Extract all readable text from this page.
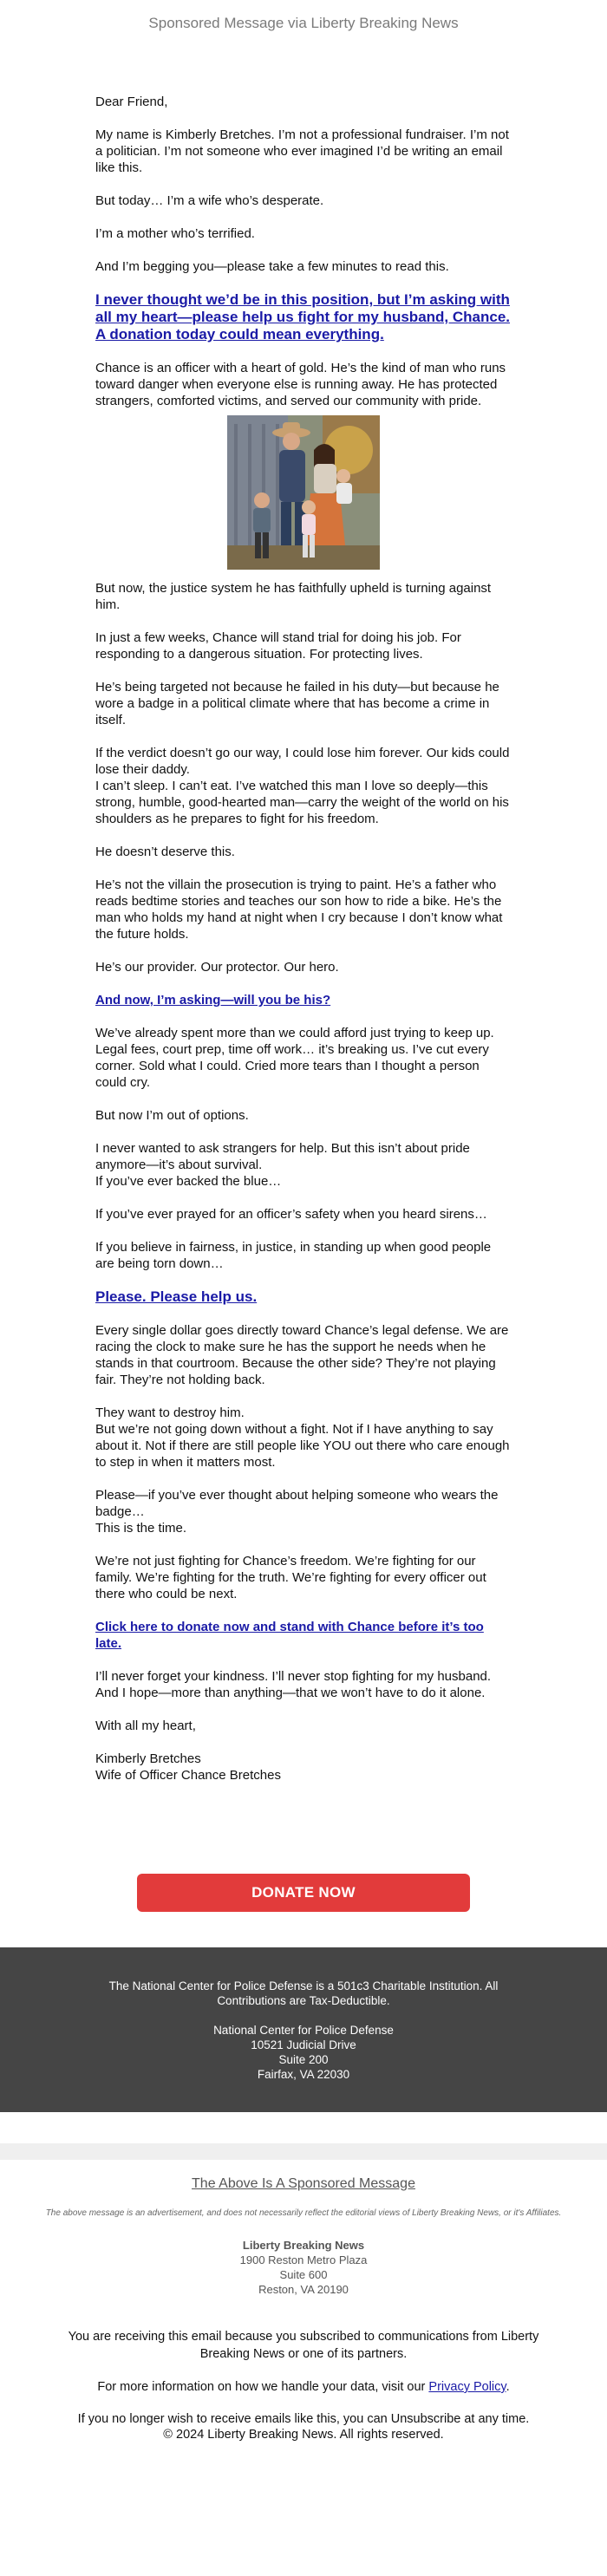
Sponsored Message via Liberty Breaking News

Dear Friend,

My name is Kimberly Bretches. I’m not a professional fundraiser. I’m not a politician. I’m not someone who ever imagined I’d be writing an email like this.

But today… I’m a wife who’s desperate.

I’m a mother who’s terrified.

And I’m begging you—please take a few minutes to read this.

I never thought we’d be in this position, but I’m asking with all my heart—please help us fight for my husband, Chance. A donation today could mean everything.

Chance is an officer with a heart of gold. He’s the kind of man who runs toward danger when everyone else is running away. He has protected strangers, comforted victims, and served our community with pride.

But now, the justice system he has faithfully upheld is turning against him.

In just a few weeks, Chance will stand trial for doing his job. For responding to a dangerous situation. For protecting lives.

He’s being targeted not because he failed in his duty—but because he wore a badge in a political climate where that has become a crime in itself.

If the verdict doesn’t go our way, I could lose him forever. Our kids could lose their daddy.
I can’t sleep. I can’t eat. I’ve watched this man I love so deeply—this strong, humble, good-hearted man—carry the weight of the world on his shoulders as he prepares to fight for his freedom.

He doesn’t deserve this.

He’s not the villain the prosecution is trying to paint. He’s a father who reads bedtime stories and teaches our son how to ride a bike. He’s the man who holds my hand at night when I cry because I don’t know what the future holds.

He’s our provider. Our protector. Our hero.

And now, I’m asking—will you be his?

We’ve already spent more than we could afford just trying to keep up. Legal fees, court prep, time off work… it’s breaking us. I’ve cut every corner. Sold what I could. Cried more tears than I thought a person could cry.

But now I’m out of options.

I never wanted to ask strangers for help. But this isn’t about pride anymore—it’s about survival.
If you’ve ever backed the blue…

If you’ve ever prayed for an officer’s safety when you heard sirens…

If you believe in fairness, in justice, in standing up when good people are being torn down…

Please. Please help us.

Every single dollar goes directly toward Chance’s legal defense. We are racing the clock to make sure he has the support he needs when he stands in that courtroom. Because the other side? They’re not playing fair. They’re not holding back.

They want to destroy him.
But we’re not going down without a fight. Not if I have anything to say about it. Not if there are still people like YOU out there who care enough to step in when it matters most.

Please—if you’ve ever thought about helping someone who wears the badge…
This is the time.

We’re not just fighting for Chance’s freedom. We’re fighting for our family. We’re fighting for the truth. We’re fighting for every officer out there who could be next.

Click here to donate now and stand with Chance before it’s too late.

I’ll never forget your kindness. I’ll never stop fighting for my husband. And I hope—more than anything—that we won’t have to do it alone.

With all my heart,

Kimberly Bretches
Wife of Officer Chance Bretches

DONATE NOW

The National Center for Police Defense is a 501c3 Charitable Institution. All Contributions are Tax-Deductible.

National Center for Police Defense
10521 Judicial Drive
Suite 200
Fairfax, VA 22030
The Above Is A Sponsored Message
The above message is an advertisement, and does not necessarily reflect the editorial views of Liberty Breaking News, or it's Affiliates.
Liberty Breaking News
1900 Reston Metro Plaza
Suite 600
Reston, VA 20190
You are receiving this email because you subscribed to communications from Liberty Breaking News or one of its partners.
For more information on how we handle your data, visit our Privacy Policy.
If you no longer wish to receive emails like this, you can Unsubscribe at any time.
© 2024 Liberty Breaking News. All rights reserved.
